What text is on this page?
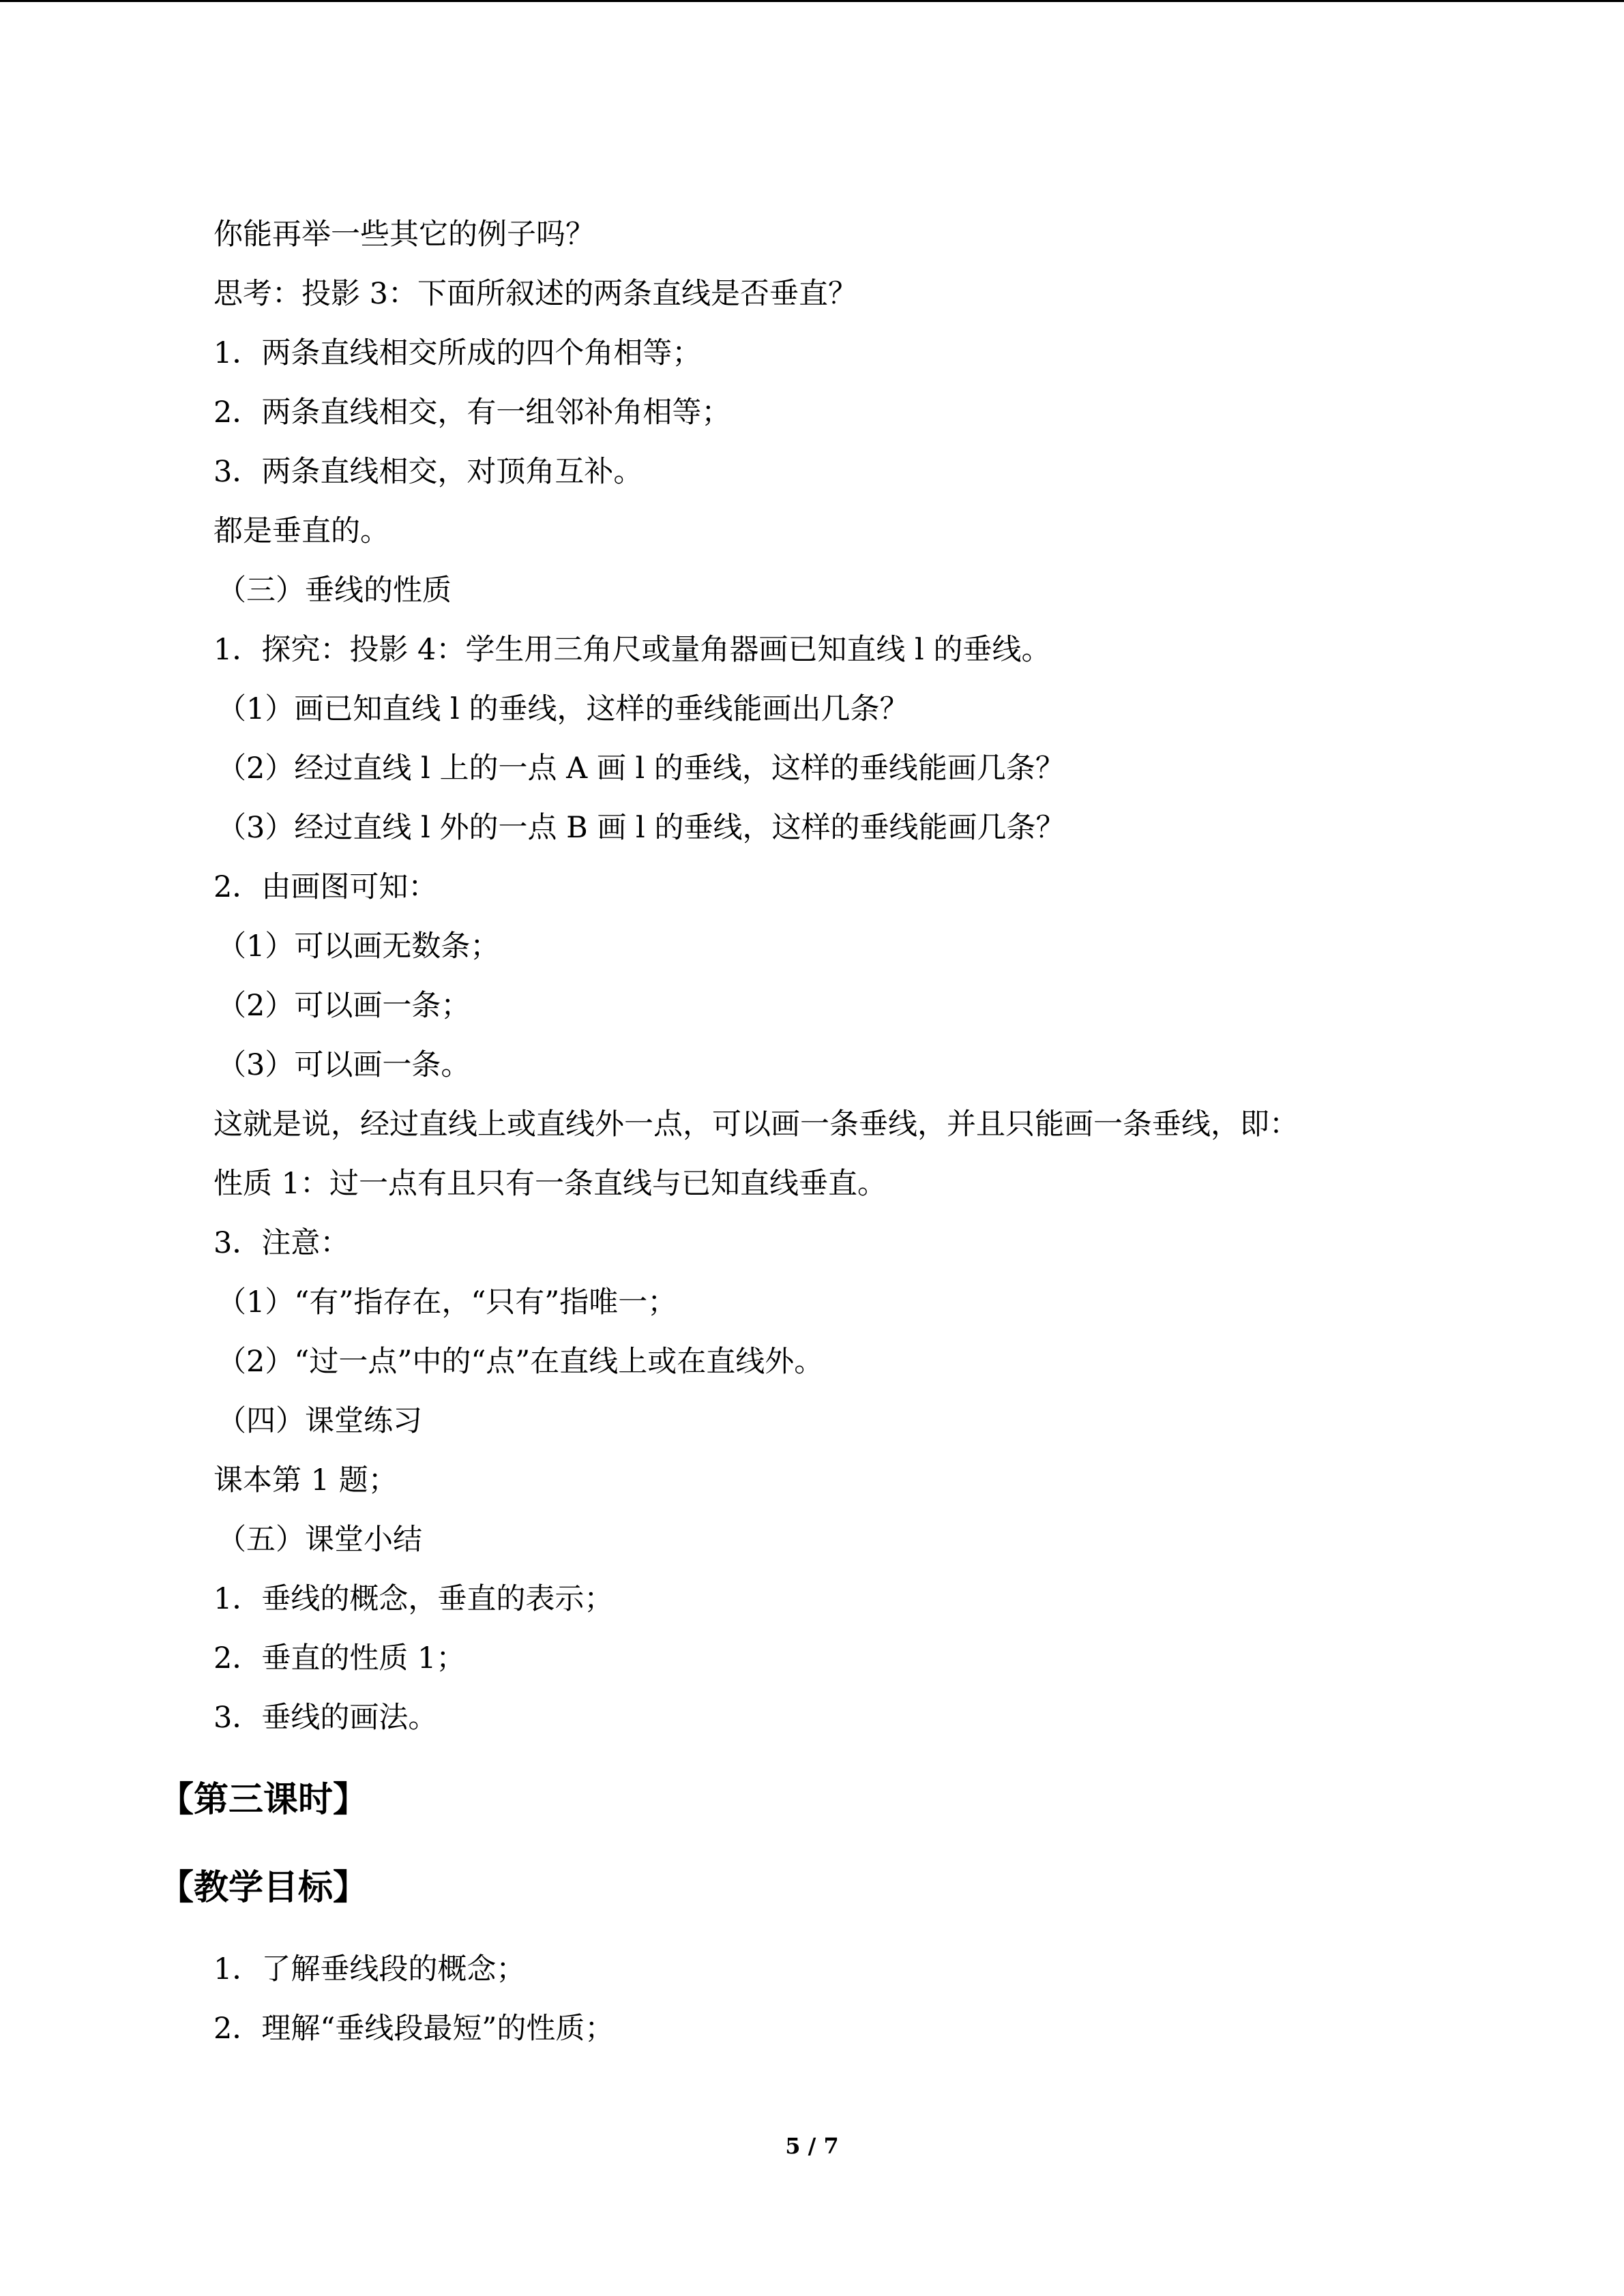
你能再举一些其它的例子吗？
思考：投影 3：下面所叙述的两条直线是否垂直？
1．两条直线相交所成的四个角相等；
2．两条直线相交，有一组邻补角相等；
3．两条直线相交，对顶角互补。
都是垂直的。
（三）垂线的性质
1．探究：投影 4：学生用三角尺或量角器画已知直线 l 的垂线。
（1）画已知直线 l 的垂线，这样的垂线能画出几条？
（2）经过直线 l 上的一点 A 画 l 的垂线，这样的垂线能画几条？
（3）经过直线 l 外的一点 B 画 l 的垂线，这样的垂线能画几条？
2．由画图可知：
（1）可以画无数条；
（2）可以画一条；
（3）可以画一条。
这就是说，经过直线上或直线外一点，可以画一条垂线，并且只能画一条垂线，即：
性质 1：过一点有且只有一条直线与已知直线垂直。
3．注意：
（1）“有”指存在，“只有”指唯一；
（2）“过一点”中的“点”在直线上或在直线外。
（四）课堂练习
课本第 1 题；
（五）课堂小结
1．垂线的概念，垂直的表示；
2．垂直的性质 1；
3．垂线的画法。
【第三课时】
【教学目标】
1．了解垂线段的概念；
2．理解“垂线段最短”的性质；
5 / 7
